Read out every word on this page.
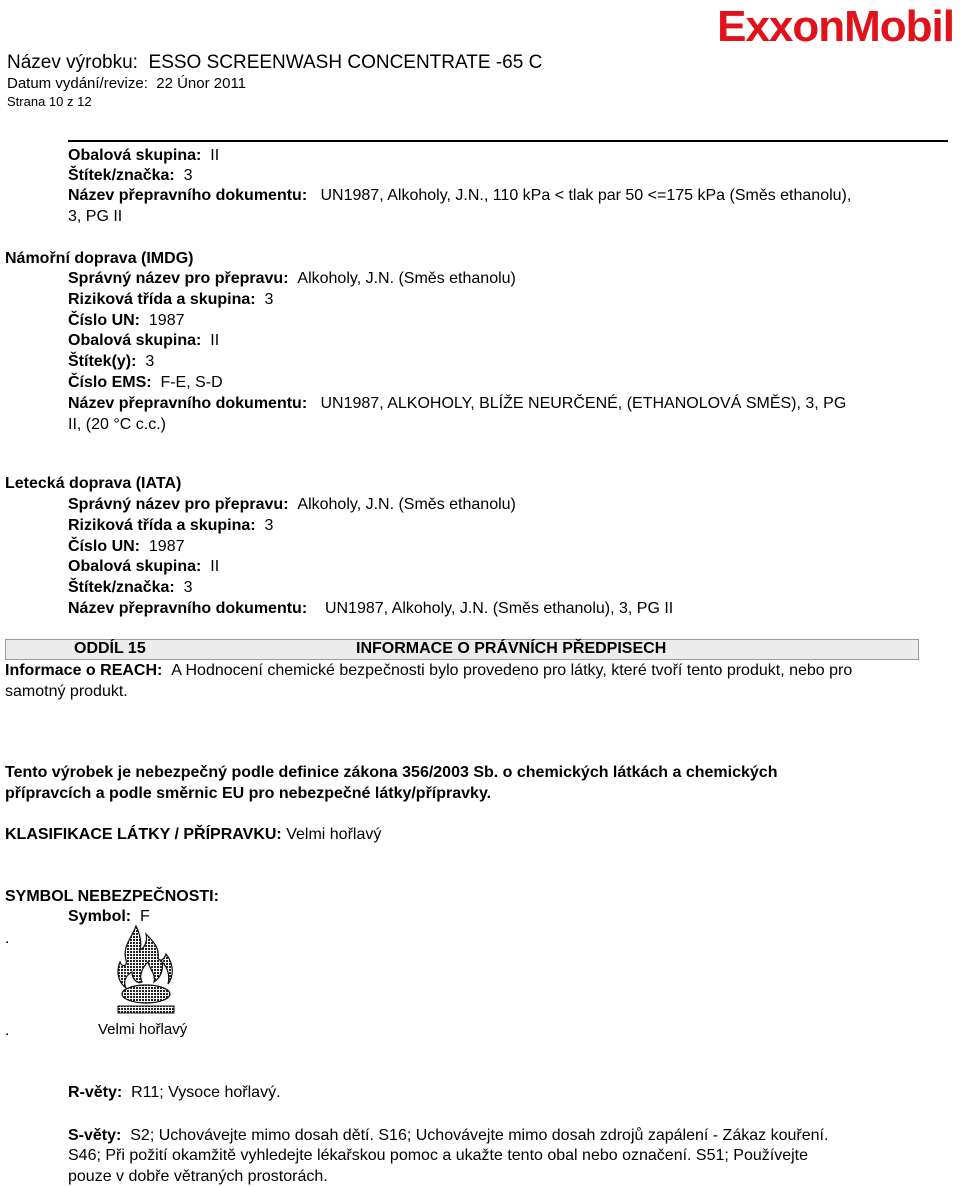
Název výrobku: ESSO SCREENWASH CONCENTRATE -65 C
Datum vydání/revize: 22 Únor 2011
Strana 10 z 12
ExxonMobil
Obalová skupina: II
Štítek/značka: 3
Název přepravního dokumentu: UN1987, Alkoholy, J.N., 110 kPa < tlak par 50 <=175 kPa (Směs ethanolu),
3, PG II
Námořní doprava (IMDG)
Správný název pro přepravu: Alkoholy, J.N. (Směs ethanolu)
Riziková třída a skupina: 3
Číslo UN: 1987
Obalová skupina: II
Štítek(y): 3
Číslo EMS: F-E, S-D
Název přepravního dokumentu: UN1987, ALKOHOLY, BLÍŽE NEURČENÉ, (ETHANOLOVÁ SMĚS), 3, PG
II, (20 °C c.c.)
Letecká doprava (IATA)
Správný název pro přepravu: Alkoholy, J.N. (Směs ethanolu)
Riziková třída a skupina: 3
Číslo UN: 1987
Obalová skupina: II
Štítek/značka: 3
Název přepravního dokumentu: UN1987, Alkoholy, J.N. (Směs ethanolu), 3, PG II
ODDÍL 15	INFORMACE O PRÁVNÍCH PŘEDPISECH
Informace o REACH: A Hodnocení chemické bezpečnosti bylo provedeno pro látky, které tvoří tento produkt, nebo pro
samotný produkt.
Tento výrobek je nebezpečný podle definice zákona 356/2003 Sb. o chemických látkách a chemických
přípravcích a podle směrnic EU pro nebezpečné látky/přípravky.
KLASIFIKACE LÁTKY / PŘÍPRAVKU: Velmi hořlavý
SYMBOL NEBEZPEČNOSTI:
Symbol: F
.
.	Velmi hořlavý
R-věty: R11; Vysoce hořlavý.
S-věty: S2; Uchovávejte mimo dosah dětí. S16; Uchovávejte mimo dosah zdrojů zapálení - Zákaz kouření.
S46; Při požití okamžitě vyhledejte lékařskou pomoc a ukažte tento obal nebo označení. S51; Používejte
pouze v dobře větraných prostorách.
